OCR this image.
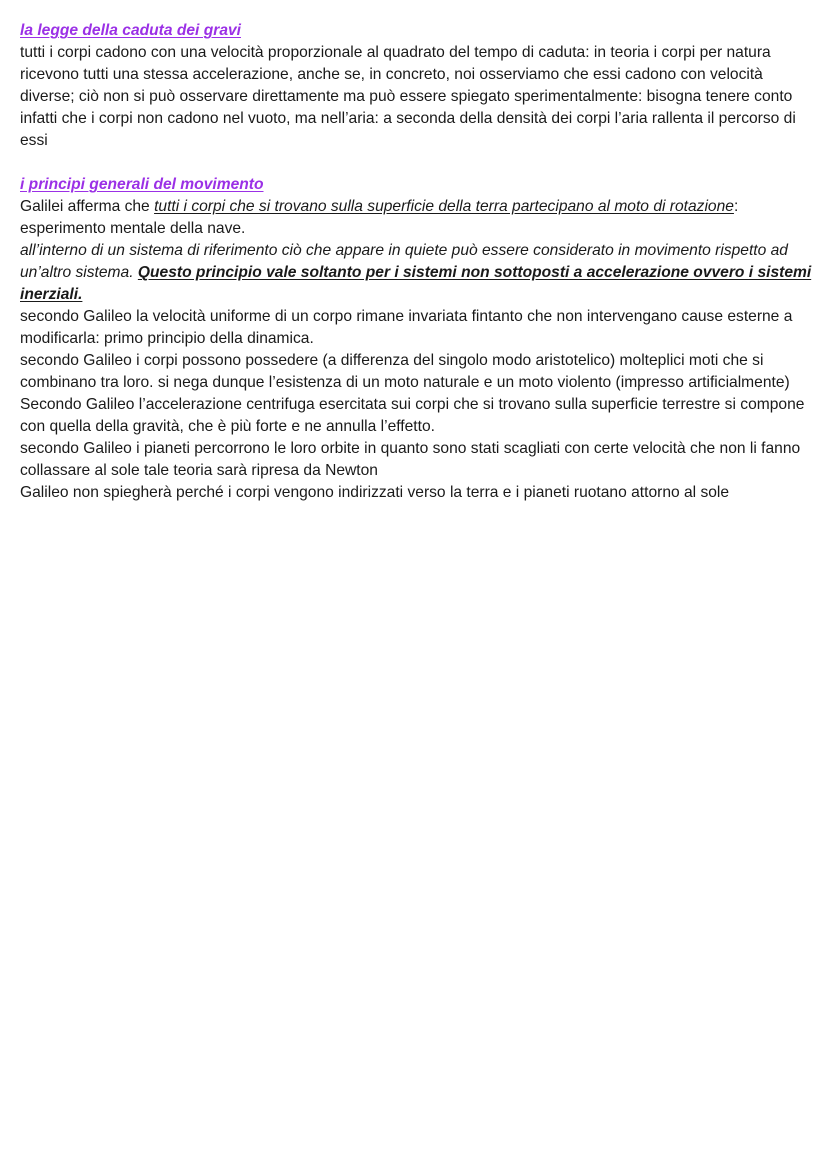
la legge della caduta dei gravi

tutti i corpi cadono con una velocità proporzionale al quadrato del tempo di caduta: in teoria i corpi per natura ricevono tutti una stessa accelerazione, anche se, in concreto, noi osserviamo che essi cadono con velocità diverse; ciò non si può osservare direttamente ma può essere spiegato sperimentalmente: bisogna tenere conto infatti che i corpi non cadono nel vuoto, ma nell’aria: a seconda della densità dei corpi l’aria rallenta il percorso di essi

i principi generali del movimento

Galilei afferma che tutti i corpi che si trovano sulla superficie della terra partecipano al moto di rotazione: esperimento mentale della nave.

all’interno di un sistema di riferimento ciò che appare in quiete può essere considerato in movimento rispetto ad un’altro sistema. Questo principio vale soltanto per i sistemi non sottoposti a accelerazione ovvero i sistemi inerziali.

secondo Galileo la velocità uniforme di un corpo rimane invariata fintanto che non intervengano cause esterne a modificarla: primo principio della dinamica.

secondo Galileo i corpi possono possedere (a differenza del singolo modo aristotelico) molteplici moti che si combinano tra loro. si nega dunque l’esistenza di un moto naturale e un moto violento (impresso artificialmente)

Secondo Galileo l’accelerazione centrifuga esercitata sui corpi che si trovano sulla superficie terrestre si compone con quella della gravità, che è più forte e ne annulla l’effetto.

secondo Galileo i pianeti percorrono le loro orbite in quanto sono stati scagliati con certe velocità che non li fanno collassare al sole tale teoria sarà ripresa da Newton

Galileo non spiegherà perché i corpi vengono indirizzati verso la terra e i pianeti ruotano attorno al sole
